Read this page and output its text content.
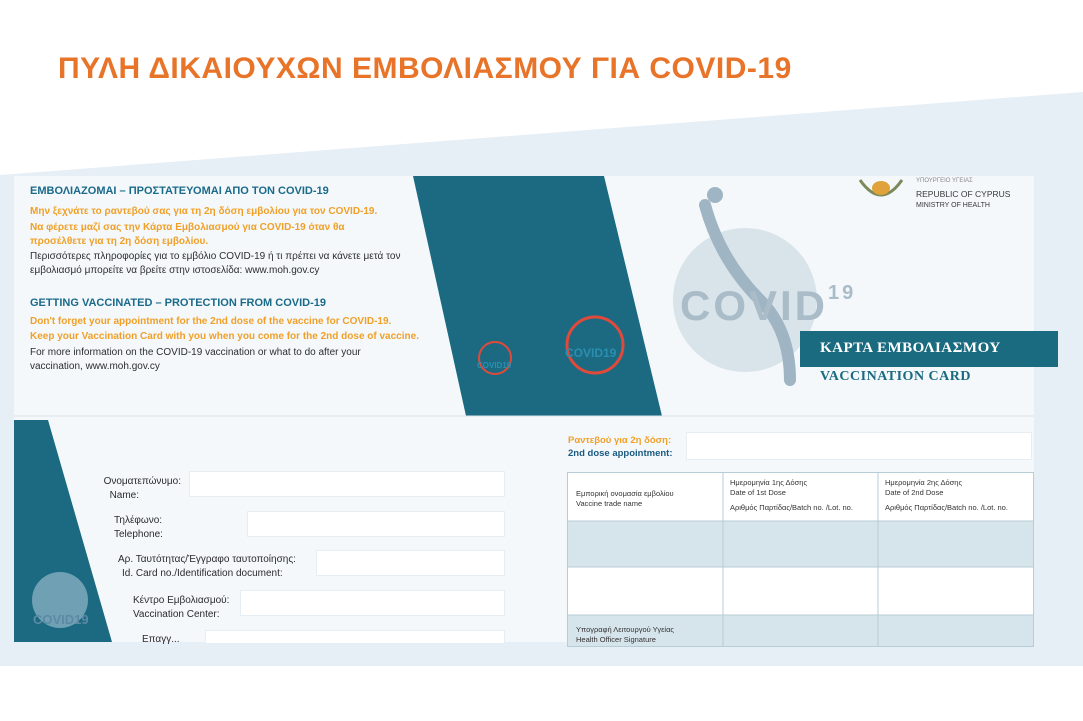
ΠΥΛΗ ΔΙΚΑΙΟΥΧΩΝ ΕΜΒΟΛΙΑΣΜΟΥ ΓΙΑ COVID-19
ΕΜΒΟΛΙΑΖΟΜΑΙ – ΠΡΟΣΤΑΤΕΥΟΜΑΙ ΑΠΟ ΤΟΝ COVID-19
Μην ξεχνάτε το ραντεβού σας για τη 2η δόση εμβολίου για τον COVID-19.
Να φέρετε μαζί σας την Κάρτα Εμβολιασμού για COVID-19 όταν θα
προσέλθετε για τη 2η δόση εμβολίου.
Περισσότερες πληροφορίες για το εμβόλιο COVID-19 ή τι πρέπει να κάνετε μετά τον
εμβολιασμό μπορείτε να βρείτε στην ιστοσελίδα: www.moh.gov.cy
GETTING VACCINATED – PROTECTION FROM COVID-19
Don't forget your appointment for the 2nd dose of the vaccine for COVID-19.
Keep your Vaccination Card with you when you come for the 2nd dose of vaccine.
For more information on the COVID-19 vaccination or what to do after your
vaccination, www.moh.gov.cy	COVID19
COVID19
COVID$^{19}$
ΥΠΟΥΡΓΕΙΟ ΥΓΕΙΑΣ
REPUBLIC OF CYPRUS
MINISTRY OF HEALTH
ΚΑΡΤΑ ΕΜΒΟΛΙΑΣΜΟΥ
VACCINATION CARD
Ονοματεπώνυμο:
Name:
Τηλέφωνο:
Telephone:
Αρ. Ταυτότητας/Έγγραφο ταυτοποίησης:
Id. Card no./Identification document:
Κέντρο Εμβολιασμού:
Vaccination Center:
Επαγγ...
COVID19
Ραντεβού για 2η δόση:
2nd dose appointment:
Εμπορική ονομασία εμβολίου
Vaccine trade name
Ημερομηνία 1ης Δόσης
Date of 1st Dose
Αριθμός Παρτίδας/Batch no. /Lot. no.
Ημερομηνία 2ης Δόσης
Date of 2nd Dose
Αριθμός Παρτίδας/Batch no. /Lot. no.
Υπογραφή Λειτουργού Υγείας
Health Officer Signature
